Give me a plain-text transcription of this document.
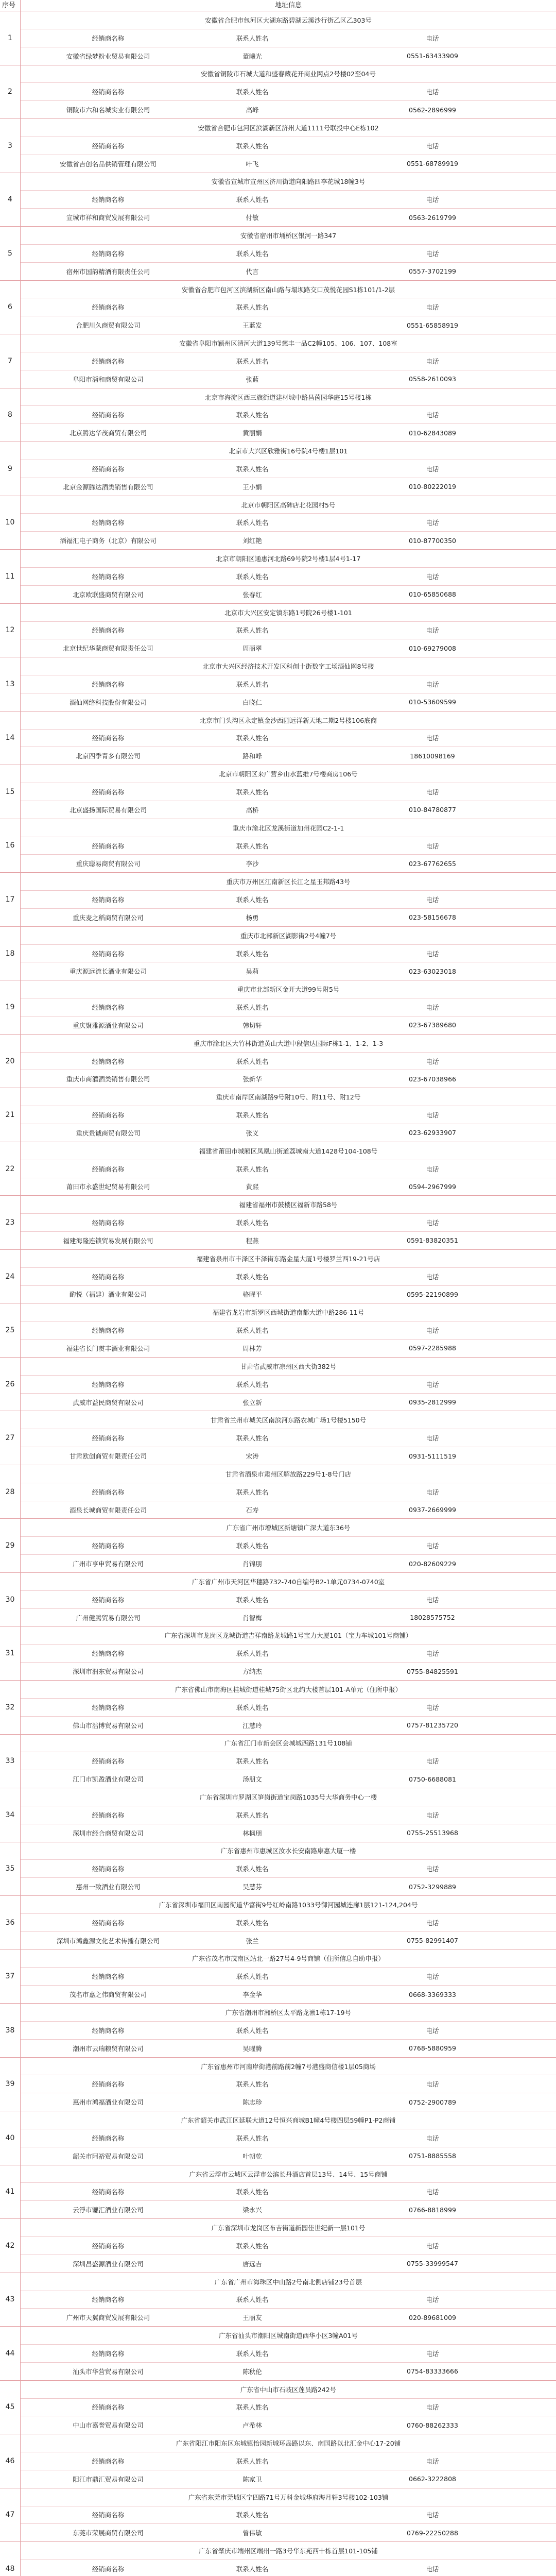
序号	地址信息
1
安徽省合肥市包河区大湖东路碧湖云溪沙行街乙区乙303号
经销商名称	联系人姓名	电话
安徽省绿梦粉业贸易有限公司	董曦光	0551-63433909
2
安徽省铜陵市石城大道和盛春藏花开商业网点2号楼02至04号
经销商名称	联系人姓名	电话
铜陵市六和名城实业有限公司	高峰	0562-2896999
3
安徽省合肥市包河区滨湖新区济州大道1111号联投中心E栋102
经销商名称	联系人姓名	电话
安徽省吉创名品供销管理有限公司	叶飞	0551-68789919
4
安徽省宣城市宣州区济川街道向阳路四李花城18幢3号
经销商名称	联系人姓名	电话
宣城市祥和商贸发展有限公司	付敏	0563-2619799
5
安徽省宿州市埇桥区银河一路347
经销商名称	联系人姓名	电话
宿州市国韵精酒有限责任公司	代言	0557-3702199
6
安徽省合肥市包河区滨湖新区南山路与塌坝路交口茂悦花园S1栋101/1-2层
经销商名称	联系人姓名	电话
合肥川久商贸有限公司	王蓝发	0551-65858919
7
安徽省阜阳市颍州区清河大道139号慈丰一品C2幢105、106、107、108室
经销商名称	联系人姓名	电话
阜阳市淄和商贸有限公司	张蓝	0558-2610093
8
北京市海淀区西三旗街道建材城中路昌茵园华庭15号楼1栋
经销商名称	联系人姓名	电话
北京腾达华茂商贸有限公司	黄丽娟	010-62843089
9
北京市大兴区欣雅街16号院4号楼1层101
经销商名称	联系人姓名	电话
北京金源腾达酒类销售有限公司	王小娟	010-80222019
10
北京市朝阳区高碑店北花园村5号
经销商名称	联系人姓名	电话
酒福汇电子商务（北京）有限公司	刘红艳	010-87700350
11
北京市朝阳区通惠河北路69号院2号楼1层4号1-17
经销商名称	联系人姓名	电话
北京欧联盛商贸有限公司	张春红	010-65850688
12
北京市大兴区安定镇东路1号院26号楼1-101
经销商名称	联系人姓名	电话
北京世纪华蒙商贸有限责任公司	周丽翠	010-69279008
13
北京市大兴区经济技术开发区科创十街数字工场酒仙网8号楼
经销商名称	联系人姓名	电话
酒仙网络科技股份有限公司	白晓仁	010-53609599
14
北京市门头沟区永定镇金沙西园远洋新天地二期2号楼106底商
经销商名称	联系人姓名	电话
北京四季青多有限公司	路和峰	18610098169
15
北京市朝阳区来广营乡山水蓝维7号楼商房106号
经销商名称	联系人姓名	电话
北京盛扬国际贸易有限公司	高桥	010-84780877
16
重庆市渝北区龙溪街道加州花园C2-1-1
经销商名称	联系人姓名	电话
重庆聪易商贸有限公司	李沙	023-67762655
17
重庆市万州区江南新区长江之星玉邦路43号
经销商名称	联系人姓名	电话
重庆麦之稻商贸有限公司	杨勇	023-58156678
18
重庆市北部新区湖影街2号4幢7号
经销商名称	联系人姓名	电话
重庆源远流长酒业有限公司	吴莉	023-63023018
19
重庆市北部新区金开大道99号附5号
经销商名称	联系人姓名	电话
重庆聚雅源酒业有限公司	韩切轩	023-67389680
20
重庆市渝北区大竹林街道黄山大道中段信达国际F栋1-1、1-2、1-3
经销商名称	联系人姓名	电话
重庆市商灌酒类销售有限公司	张新华	023-67038966
21
重庆市南岸区南湖路9号附10号、附11号、附12号
经销商名称	联系人姓名	电话
重庆贵诚商贸有限公司	张义	023-62933907
22
福建省莆田市城厢区凤凰山街道荔城南大道1428号104-108号
经销商名称	联系人姓名	电话
莆田市永盛世纪贸易有限公司	黄熙	0594-2967999
23
福建省福州市鼓楼区福新市路58号
经销商名称	联系人姓名	电话
福建海隆连锁贸易发展有限公司	程燕	0591-83820351
24
福建省泉州市丰泽区丰泽街东路金星大厦1号楼罗兰西19-21号店
经销商名称	联系人姓名	电话
酌悦（福建）酒业有限公司	骆曜平	0595-22190899
25
福建省龙岩市新罗区西城街道南都大道中路286-11号
经销商名称	联系人姓名	电话
福建省长门贯丰酒业有限公司	周林芳	0597-2285988
26
甘肃省武威市凉州区西大街382号
经销商名称	联系人姓名	电话
武威市益民商贸有限公司	张立新	0935-2812999
27
甘肃省兰州市城关区南滨河东路农城广场1号楼5150号
经销商名称	联系人姓名	电话
甘肃欧创商贸有限责任公司	宋涛	0931-5111519
28
甘肃省酒泉市肃州区解放路229号1-8号门店
经销商名称	联系人姓名	电话
酒泉长城商贸有限责任公司	石寿	0937-2669999
29
广东省广州市增城区新塘镇广深大道东36号
经销商名称	联系人姓名	电话
广州市亨申贸易有限公司	肖锦朋	020-82609229
30
广东省广州市天河区华穗路732-740自编号B2-1单元0734-0740室
经销商名称	联系人姓名	电话
广州健腾贸易有限公司	肖智梅	18028575752
31
广东省深圳市龙岗区龙城街道吉祥南路龙城路1号宝力大厦101（宝力车城101号商铺）
经销商名称	联系人姓名	电话
深圳市润东贸易有限公司	方纳杰	0755-84825591
32
广东省佛山市南海区桂城街道桂城75街区北约大楼首层101-A单元（住所申报）
经销商名称	联系人姓名	电话
佛山市浩博贸易有限公司	江慧玲	0757-81235720
33
广东省江门市新会区会城城西路131号108铺
经销商名称	联系人姓名	电话
江门市凯盈酒业有限公司	汤朋文	0750-6688081
34
广东省深圳市罗湖区笋岗街道宝岗路1035号大华商务中心一楼
经销商名称	联系人姓名	电话
深圳市经合商贸有限公司	林枫朋	0755-25513968
35
广东省惠州市惠城区汝水长安南路康惠大厦一楼
经销商名称	联系人姓名	电话
惠州一致酒业有限公司	吴慧芬	0752-3299889
36
广东省深圳市福田区南园街道华富街9号红岭南路1033号御河园城连廊1层121-124,204号
经销商名称	联系人姓名	电话
深圳市鸿鑫源文化艺术传播有限公司	张兰	0755-82991407
37
广东省茂名市茂南区站北一路27号4-9号商铺（住所信息自助申报）
经销商名称	联系人姓名	电话
茂名市嘉之伟商贸有限公司	李金华	0668-3369333
38
广东省潮州市湘桥区太平路龙湫1栋17-19号
经销商名称	联系人姓名	电话
潮州市云瑞粮贸有限公司	吴曜腾	0768-5880959
39
广东省惠州市河南岸街港前路前2幢7号港盛商信楼1层05商场
经销商名称	联系人姓名	电话
惠州市鸿福酒业有限公司	陈志珍	0752-2900789
40
广东省韶关市武江区延联大道12号恒兴商城B1幢4号楼四层59幢P1-P2商铺
经销商名称	联系人姓名	电话
韶关市阿裕贸易有限公司	叶朝乾	0751-8885558
41
广东省云浮市云城区云浮市公滨长丹酒店首层13号、14号、15号商铺
经销商名称	联系人姓名	电话
云浮市镰汇酒业有限公司	梁永兴	0766-8818999
42
广东省深圳市龙岗区布吉街道新园佳世纪新一层101号
经销商名称	联系人姓名	电话
深圳昌盛源酒业有限公司	唐远吉	0755-33999547
43
广东省广州市海珠区中山路2号南北侧店铺23号首层
经销商名称	联系人姓名	电话
广州市天翼商贸发展有限公司	王丽友	020-89681009
44
广东省汕头市潮阳区城南街道西华小区3幢A01号
经销商名称	联系人姓名	电话
汕头市华营贸易有限公司	陈秋伦	0754-83333666
45
广东省中山市石岐区莲员路242号
经销商名称	联系人姓名	电话
中山市嘉誉贸易有限公司	卢希林	0760-88262333
46
广东省阳江市阳东区东城镇怡园新城环岛路以东、南国路以北汇金中心17-20铺
经销商名称	联系人姓名	电话
阳江市鼎汇贸易有限公司	陈家卫	0662-3222808
47
广东省东莞市莞城区宁四路71号万科金城华府海月轩3号楼102-103铺
经销商名称	联系人姓名	电话
东莞市荣展商贸有限公司	曾伟敏	0769-22250288
48
广东省肇庆市端州区端州一路3号华东苑西十栋首层101-105铺
经销商名称	联系人姓名	电话
